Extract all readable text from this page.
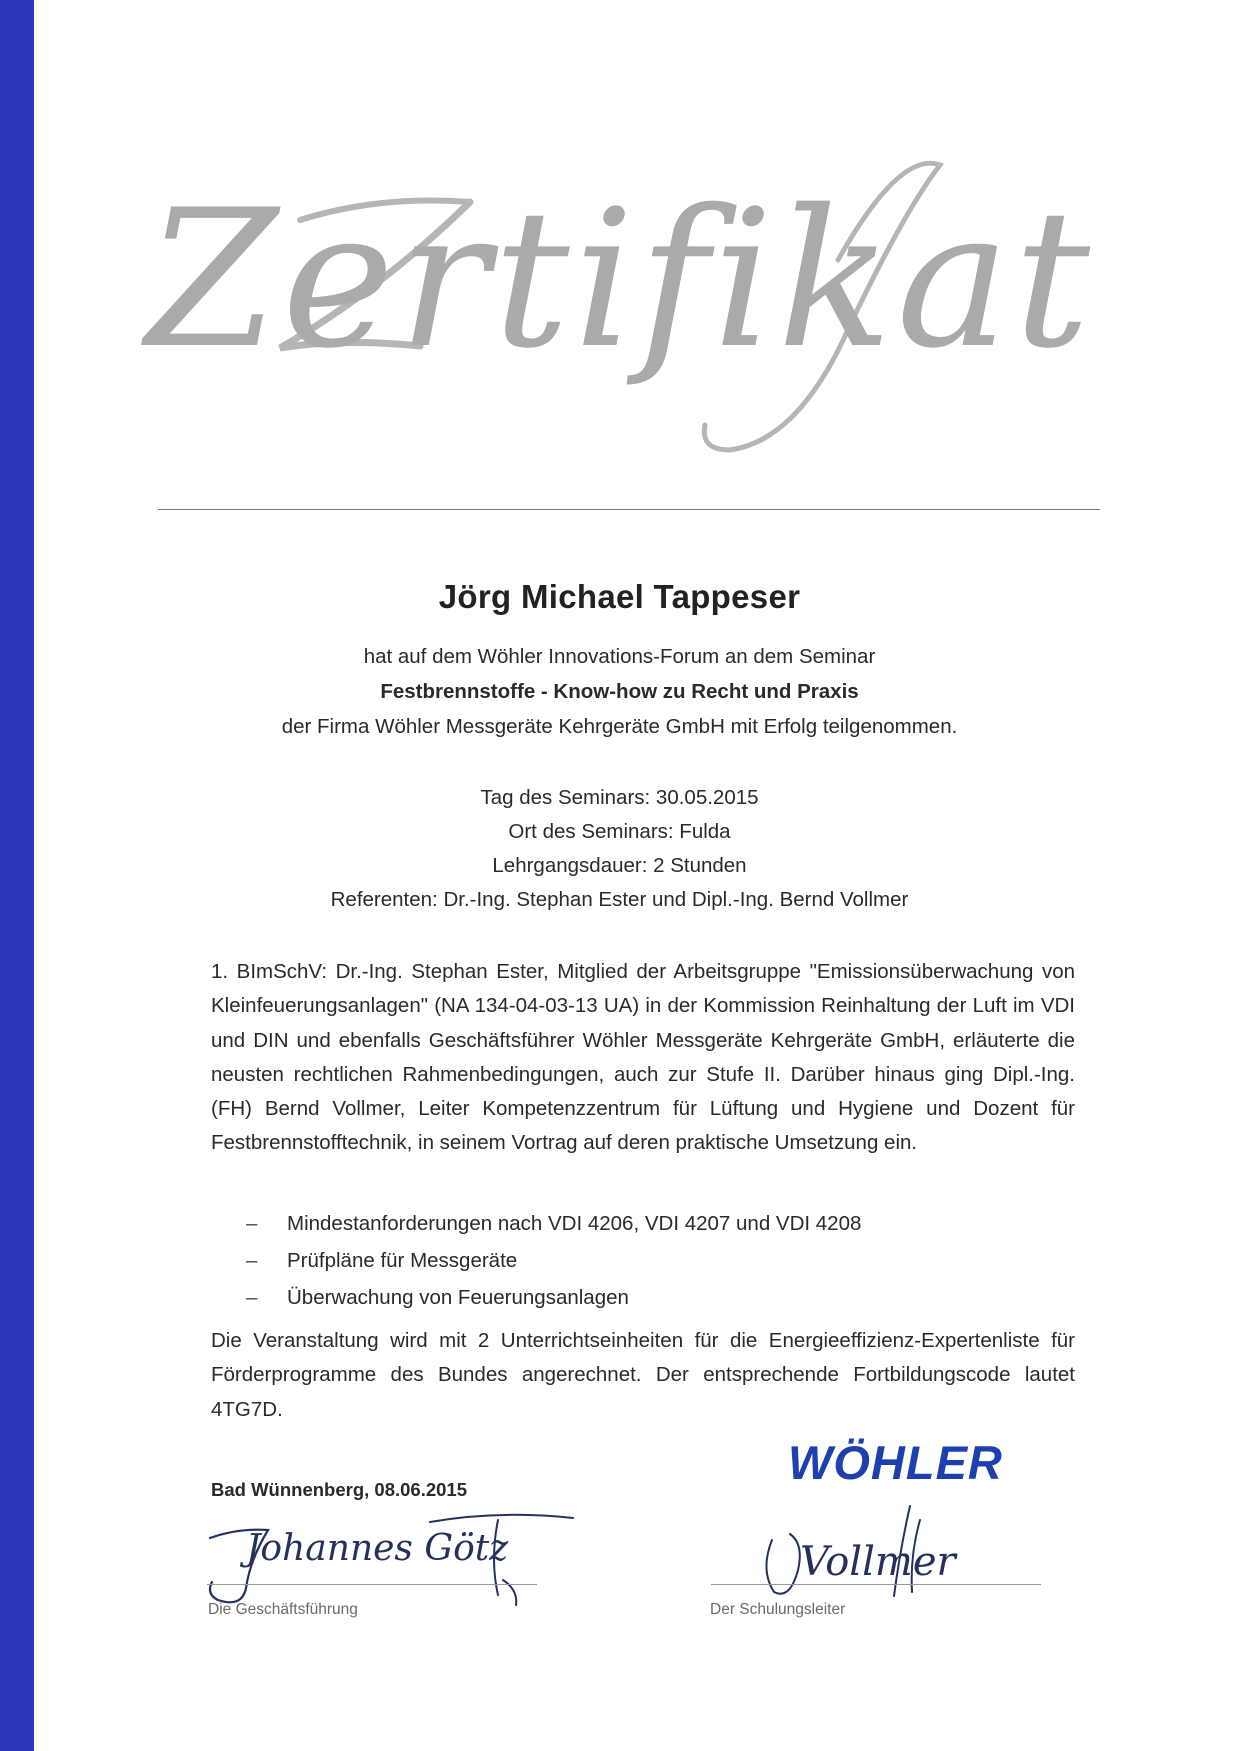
Zertifikat
Jörg Michael Tappeser
hat auf dem Wöhler Innovations-Forum an dem Seminar
Festbrennstoffe - Know-how zu Recht und Praxis
der Firma Wöhler Messgeräte Kehrgeräte GmbH mit Erfolg teilgenommen.
Tag des Seminars: 30.05.2015
Ort des Seminars: Fulda
Lehrgangsdauer: 2 Stunden
Referenten: Dr.-Ing. Stephan Ester und Dipl.-Ing. Bernd Vollmer

1. BImSchV: Dr.-Ing. Stephan Ester, Mitglied der Arbeitsgruppe "Emissionsüberwachung von Kleinfeuerungsanlagen" (NA 134-04-03-13 UA) in der Kommission Reinhaltung der Luft im VDI und DIN und ebenfalls Geschäftsführer Wöhler Messgeräte Kehrgeräte GmbH, erläuterte die neusten rechtlichen Rahmenbedingungen, auch zur Stufe II. Darüber hinaus ging Dipl.-Ing. (FH) Bernd Vollmer, Leiter Kompetenzzentrum für Lüftung und Hygiene und Dozent für Festbrennstofftechnik, in seinem Vortrag auf deren praktische Umsetzung ein.

– Mindestanforderungen nach VDI 4206, VDI 4207 und VDI 4208
– Prüfpläne für Messgeräte
– Überwachung von Feuerungsanlagen

Die Veranstaltung wird mit 2 Unterrichtseinheiten für die Energieeffizienz-Expertenliste für Förderprogramme des Bundes angerechnet. Der entsprechende Fortbildungscode lautet 4TG7D.

Bad Wünnenberg, 08.06.2015
WÖHLER
Johannes Götz
Die Geschäftsführung
Vollmer
Der Schulungsleiter
